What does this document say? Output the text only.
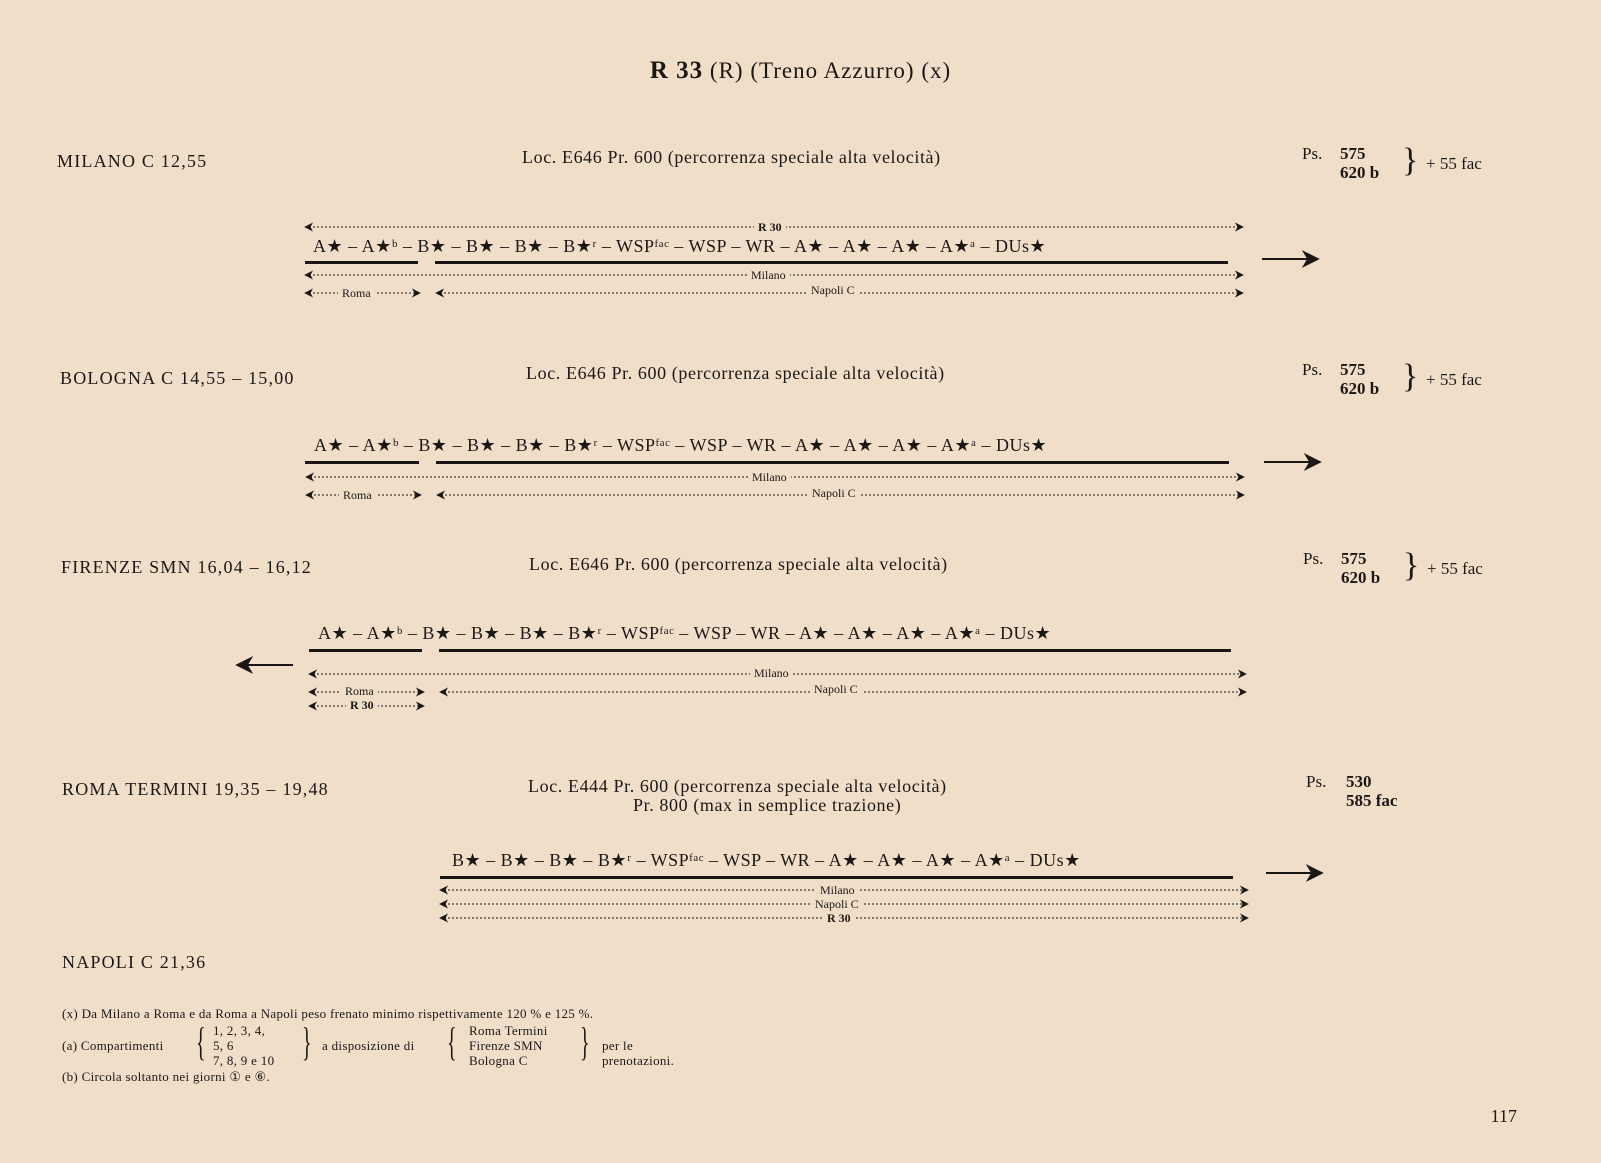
R 33 (R) (Treno Azzurro) (x)
MILANO C 12,55	Loc. E646 Pr. 600 (percorrenza speciale alta velocità)	Ps. 575
620 b } + 55 fac
A★ – A★ᵇ – B★ – B★ – B★ – B★ʳ – WSPᶠᵃᶜ – WSP – WR – A★ – A★ – A★ – A★ᵃ – DUs★
R 30
Milano
Roma	Napoli C
BOLOGNA C 14,55 – 15,00	Loc. E646 Pr. 600 (percorrenza speciale alta velocità)	Ps. 575
620 b } + 55 fac
A★ – A★ᵇ – B★ – B★ – B★ – B★ʳ – WSPᶠᵃᶜ – WSP – WR – A★ – A★ – A★ – A★ᵃ – DUs★
Milano
Roma	Napoli C
FIRENZE SMN 16,04 – 16,12	Loc. E646 Pr. 600 (percorrenza speciale alta velocità)	Ps. 575
620 b } + 55 fac
A★ – A★ᵇ – B★ – B★ – B★ – B★ʳ – WSPᶠᵃᶜ – WSP – WR – A★ – A★ – A★ – A★ᵃ – DUs★
Milano
Roma
R 30
Napoli C
ROMA TERMINI 19,35 – 19,48	Loc. E444 Pr. 600 (percorrenza speciale alta velocità)
Pr. 800 (max in semplice trazione)
Ps. 530
585 fac
B★ – B★ – B★ – B★ʳ – WSPᶠᵃᶜ – WSP – WR – A★ – A★ – A★ – A★ᵃ – DUs★
Milano
Napoli C
R 30
NAPOLI C 21,36
(x) Da Milano a Roma e da Roma a Napoli peso frenato minimo rispettivamente 120 % e 125 %.
(a) Compartimenti { 1, 2, 3, 4,
5, 6
7, 8, 9 e 10 } a disposizione di { Roma Termini
Firenze SMN
Bologna C } per le prenotazioni.
(b) Circola soltanto nei giorni ① e ⑥.
117
